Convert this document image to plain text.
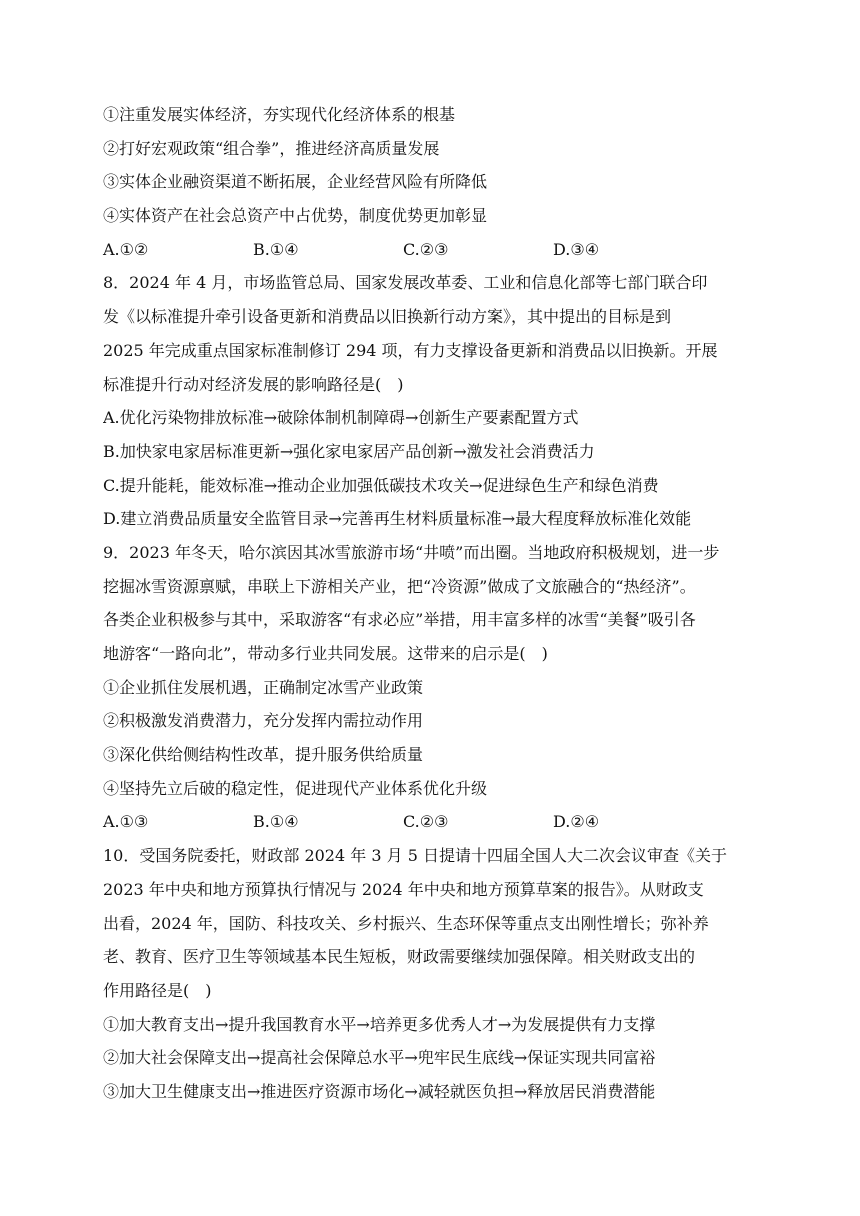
①注重发展实体经济，夯实现代化经济体系的根基
②打好宏观政策“组合拳”，推进经济高质量发展
③实体企业融资渠道不断拓展，企业经营风险有所降低
④实体资产在社会总资产中占优势，制度优势更加彰显
A.①②	B.①④	C.②③	D.③④
8．2024 年 4 月，市场监管总局、国家发展改革委、工业和信息化部等七部门联合印
发《以标准提升牵引设备更新和消费品以旧换新行动方案》，其中提出的目标是到
2025 年完成重点国家标准制修订 294 项，有力支撑设备更新和消费品以旧换新。开展
标准提升行动对经济发展的影响路径是(　)
A.优化污染物排放标准→破除体制机制障碍→创新生产要素配置方式
B.加快家电家居标准更新→强化家电家居产品创新→激发社会消费活力
C.提升能耗，能效标准→推动企业加强低碳技术攻关→促进绿色生产和绿色消费
D.建立消费品质量安全监管目录→完善再生材料质量标准→最大程度释放标准化效能
9．2023 年冬天，哈尔滨因其冰雪旅游市场“井喷”而出圈。当地政府积极规划，进一步
挖掘冰雪资源禀赋，串联上下游相关产业，把“冷资源”做成了文旅融合的“热经济”。
各类企业积极参与其中，采取游客“有求必应”举措，用丰富多样的冰雪“美餐”吸引各
地游客“一路向北”，带动多行业共同发展。这带来的启示是(　)
①企业抓住发展机遇，正确制定冰雪产业政策
②积极激发消费潜力，充分发挥内需拉动作用
③深化供给侧结构性改革，提升服务供给质量
④坚持先立后破的稳定性，促进现代产业体系优化升级
A.①③	B.①④	C.②③	D.②④
10．受国务院委托，财政部 2024 年 3 月 5 日提请十四届全国人大二次会议审查《关于
2023 年中央和地方预算执行情况与 2024 年中央和地方预算草案的报告》。从财政支
出看，2024 年，国防、科技攻关、乡村振兴、生态环保等重点支出刚性增长；弥补养
老、教育、医疗卫生等领域基本民生短板，财政需要继续加强保障。相关财政支出的
作用路径是(　)
①加大教育支出→提升我国教育水平→培养更多优秀人才→为发展提供有力支撑
②加大社会保障支出→提高社会保障总水平→兜牢民生底线→保证实现共同富裕
③加大卫生健康支出→推进医疗资源市场化→减轻就医负担→释放居民消费潜能
